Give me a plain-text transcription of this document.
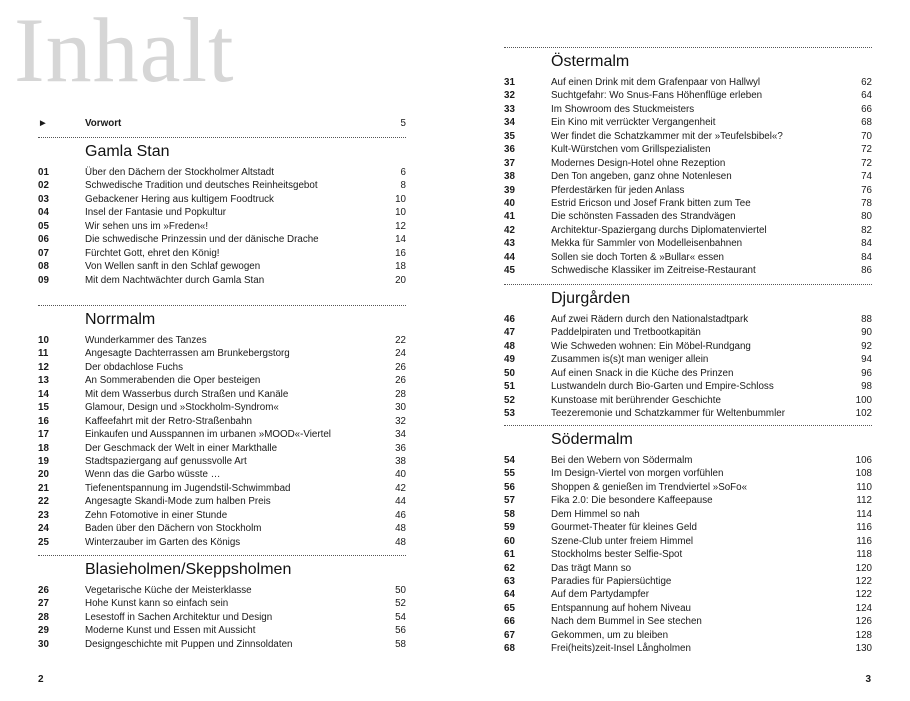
Inhalt
►	Vorwort	5
Gamla Stan
01	Über den Dächern der Stockholmer Altstadt	6
02	Schwedische Tradition und deutsches Reinheitsgebot	8
03	Gebackener Hering aus kultigem Foodtruck	10
04	Insel der Fantasie und Popkultur	10
05	Wir sehen uns im »Freden«!	12
06	Die schwedische Prinzessin und der dänische Drache	14
07	Fürchtet Gott, ehret den König!	16
08	Von Wellen sanft in den Schlaf gewogen	18
09	Mit dem Nachtwächter durch Gamla Stan	20
Norrmalm
10	Wunderkammer des Tanzes	22
11	Angesagte Dachterrassen am Brunkebergstorg	24
12	Der obdachlose Fuchs	26
13	An Sommerabenden die Oper besteigen	26
14	Mit dem Wasserbus durch Straßen und Kanäle	28
15	Glamour, Design und »Stockholm-Syndrom«	30
16	Kaffeefahrt mit der Retro-Straßenbahn	32
17	Einkaufen und Ausspannen im urbanen »MOOD«-Viertel	34
18	Der Geschmack der Welt in einer Markthalle	36
19	Stadtspaziergang auf genussvolle Art	38
20	Wenn das die Garbo wüsste …	40
21	Tiefenentspannung im Jugendstil-Schwimmbad	42
22	Angesagte Skandi-Mode zum halben Preis	44
23	Zehn Fotomotive in einer Stunde	46
24	Baden über den Dächern von Stockholm	48
25	Winterzauber im Garten des Königs	48
Blasieholmen/Skeppsholmen
26	Vegetarische Küche der Meisterklasse	50
27	Hohe Kunst kann so einfach sein	52
28	Lesestoff in Sachen Architektur und Design	54
29	Moderne Kunst und Essen mit Aussicht	56
30	Designgeschichte mit Puppen und Zinnsoldaten	58
2
Östermalm
31	Auf einen Drink mit dem Grafenpaar von Hallwyl	62
32	Suchtgefahr: Wo Snus-Fans Höhenflüge erleben	64
33	Im Showroom des Stuckmeisters	66
34	Ein Kino mit verrückter Vergangenheit	68
35	Wer findet die Schatzkammer mit der »Teufelsbibel«?	70
36	Kult-Würstchen vom Grillspezialisten	72
37	Modernes Design-Hotel ohne Rezeption	72
38	Den Ton angeben, ganz ohne Notenlesen	74
39	Pferdestärken für jeden Anlass	76
40	Estrid Ericson und Josef Frank bitten zum Tee	78
41	Die schönsten Fassaden des Strandvägen	80
42	Architektur-Spaziergang durchs Diplomatenviertel	82
43	Mekka für Sammler von Modelleisenbahnen	84
44	Sollen sie doch Torten & »Bullar« essen	84
45	Schwedische Klassiker im Zeitreise-Restaurant	86
Djurgården
46	Auf zwei Rädern durch den Nationalstadtpark	88
47	Paddelpiraten und Tretbootkapitän	90
48	Wie Schweden wohnen: Ein Möbel-Rundgang	92
49	Zusammen is(s)t man weniger allein	94
50	Auf einen Snack in die Küche des Prinzen	96
51	Lustwandeln durch Bio-Garten und Empire-Schloss	98
52	Kunstoase mit berührender Geschichte	100
53	Teezeremonie und Schatzkammer für Weltenbummler	102
Södermalm
54	Bei den Webern von Södermalm	106
55	Im Design-Viertel von morgen vorfühlen	108
56	Shoppen & genießen im Trendviertel »SoFo«	110
57	Fika 2.0: Die besondere Kaffeepause	112
58	Dem Himmel so nah	114
59	Gourmet-Theater für kleines Geld	116
60	Szene-Club unter freiem Himmel	116
61	Stockholms bester Selfie-Spot	118
62	Das trägt Mann so	120
63	Paradies für Papiersüchtige	122
64	Auf dem Partydampfer	122
65	Entspannung auf hohem Niveau	124
66	Nach dem Bummel in See stechen	126
67	Gekommen, um zu bleiben	128
68	Frei(heits)zeit-Insel Långholmen	130
3
